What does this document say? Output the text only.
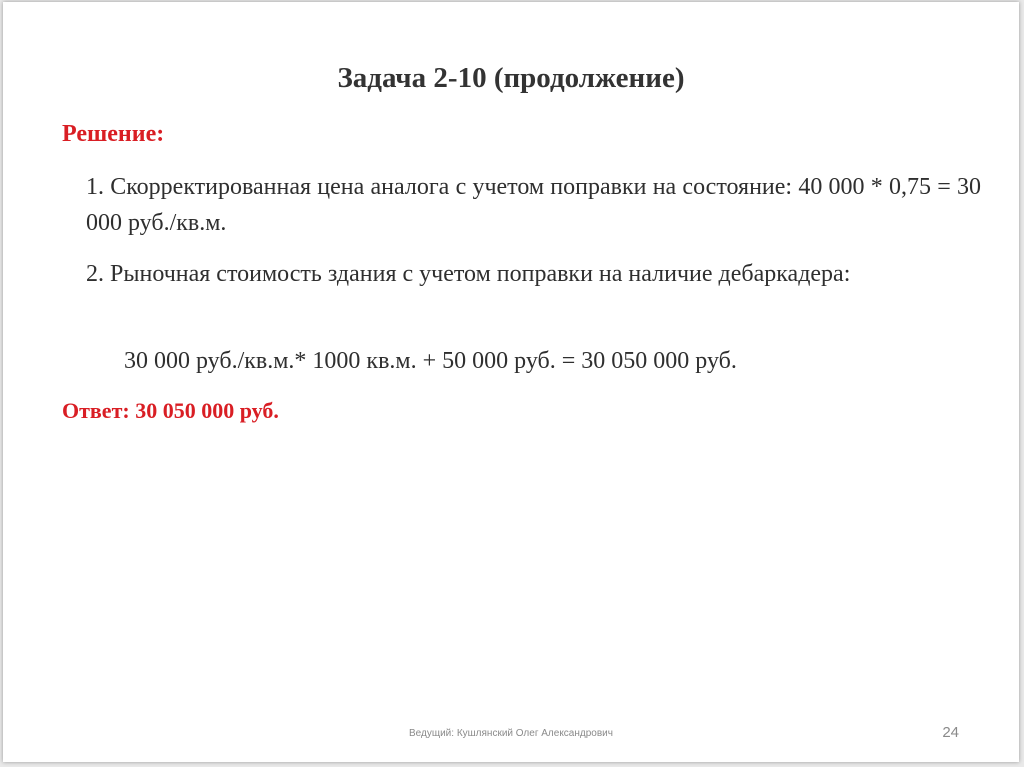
Задача 2-10 (продолжение)
Решение:
1. Скорректированная цена аналога с учетом поправки на состояние: 40 000 * 0,75 = 30 000 руб./кв.м.
2. Рыночная стоимость здания с учетом поправки на наличие дебаркадера:
30 000 руб./кв.м.* 1000 кв.м. + 50 000 руб. = 30 050 000 руб.
Ответ: 30 050 000 руб.
Ведущий: Кушлянский Олег Александрович	24
